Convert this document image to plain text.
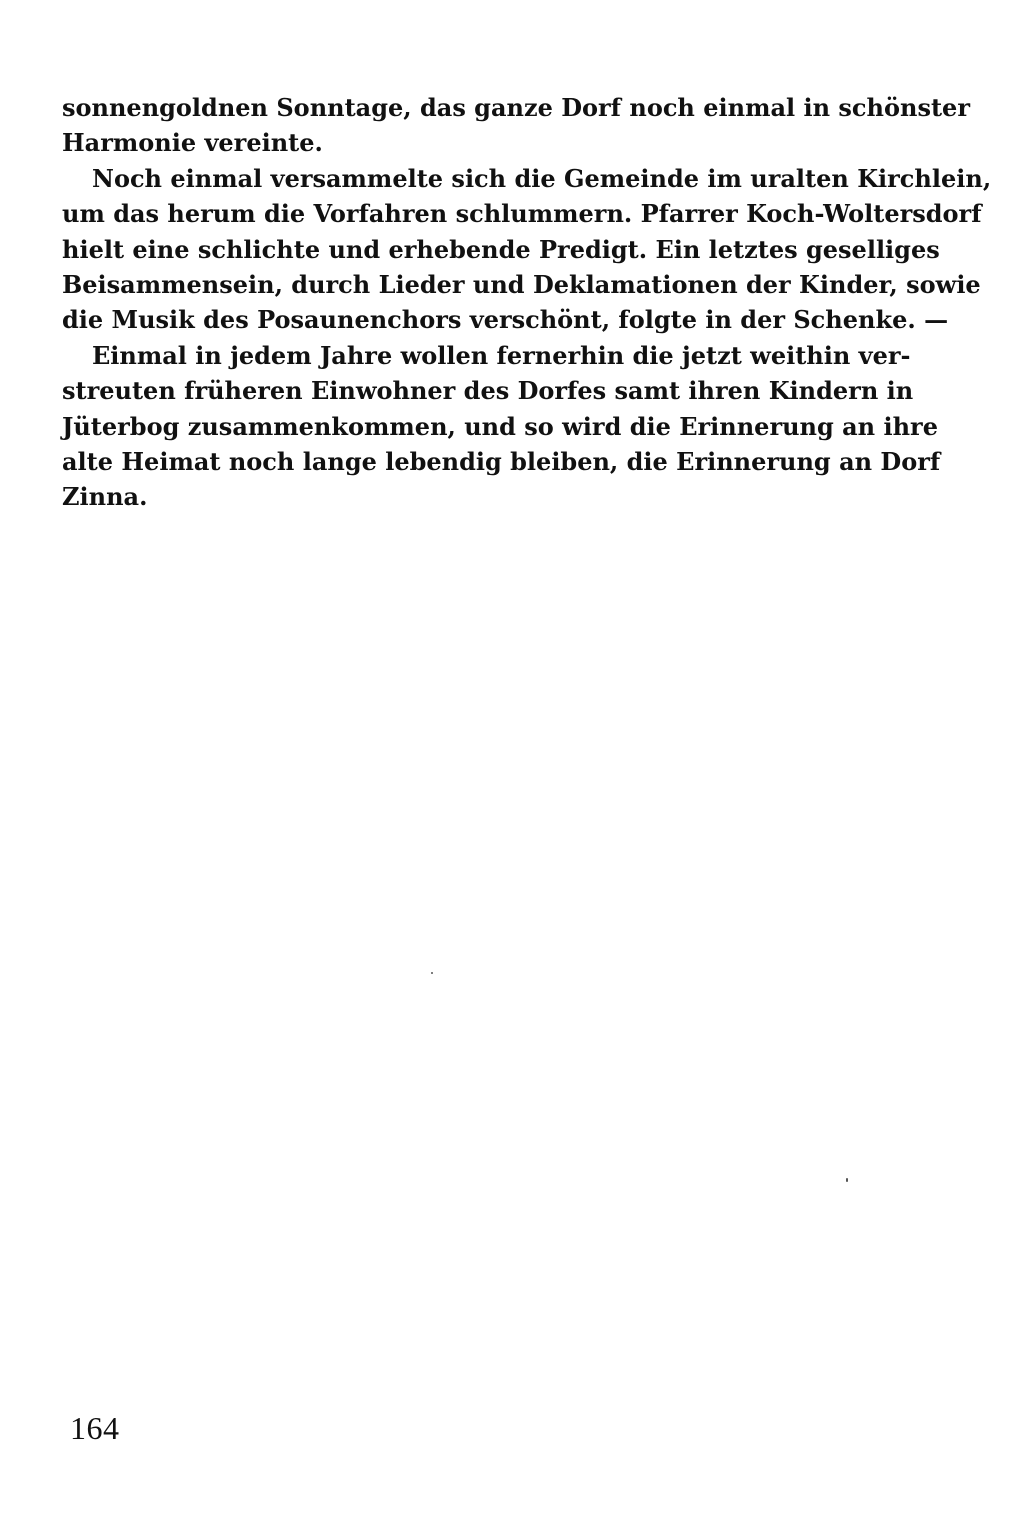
sonnengoldnen Sonntage, das ganze Dorf noch einmal in schönster
Harmonie vereinte.
Noch einmal versammelte sich die Gemeinde im uralten Kirchlein,
um das herum die Vorfahren schlummern. Pfarrer Koch-Woltersdorf
hielt eine schlichte und erhebende Predigt. Ein letztes geselliges
Beisammensein, durch Lieder und Deklamationen der Kinder, sowie
die Musik des Posaunenchors verschönt, folgte in der Schenke. —
Einmal in jedem Jahre wollen fernerhin die jetzt weithin ver-
streuten früheren Einwohner des Dorfes samt ihren Kindern in
Jüterbog zusammenkommen, und so wird die Erinnerung an ihre
alte Heimat noch lange lebendig bleiben, die Erinnerung an Dorf
Zinna.
164
